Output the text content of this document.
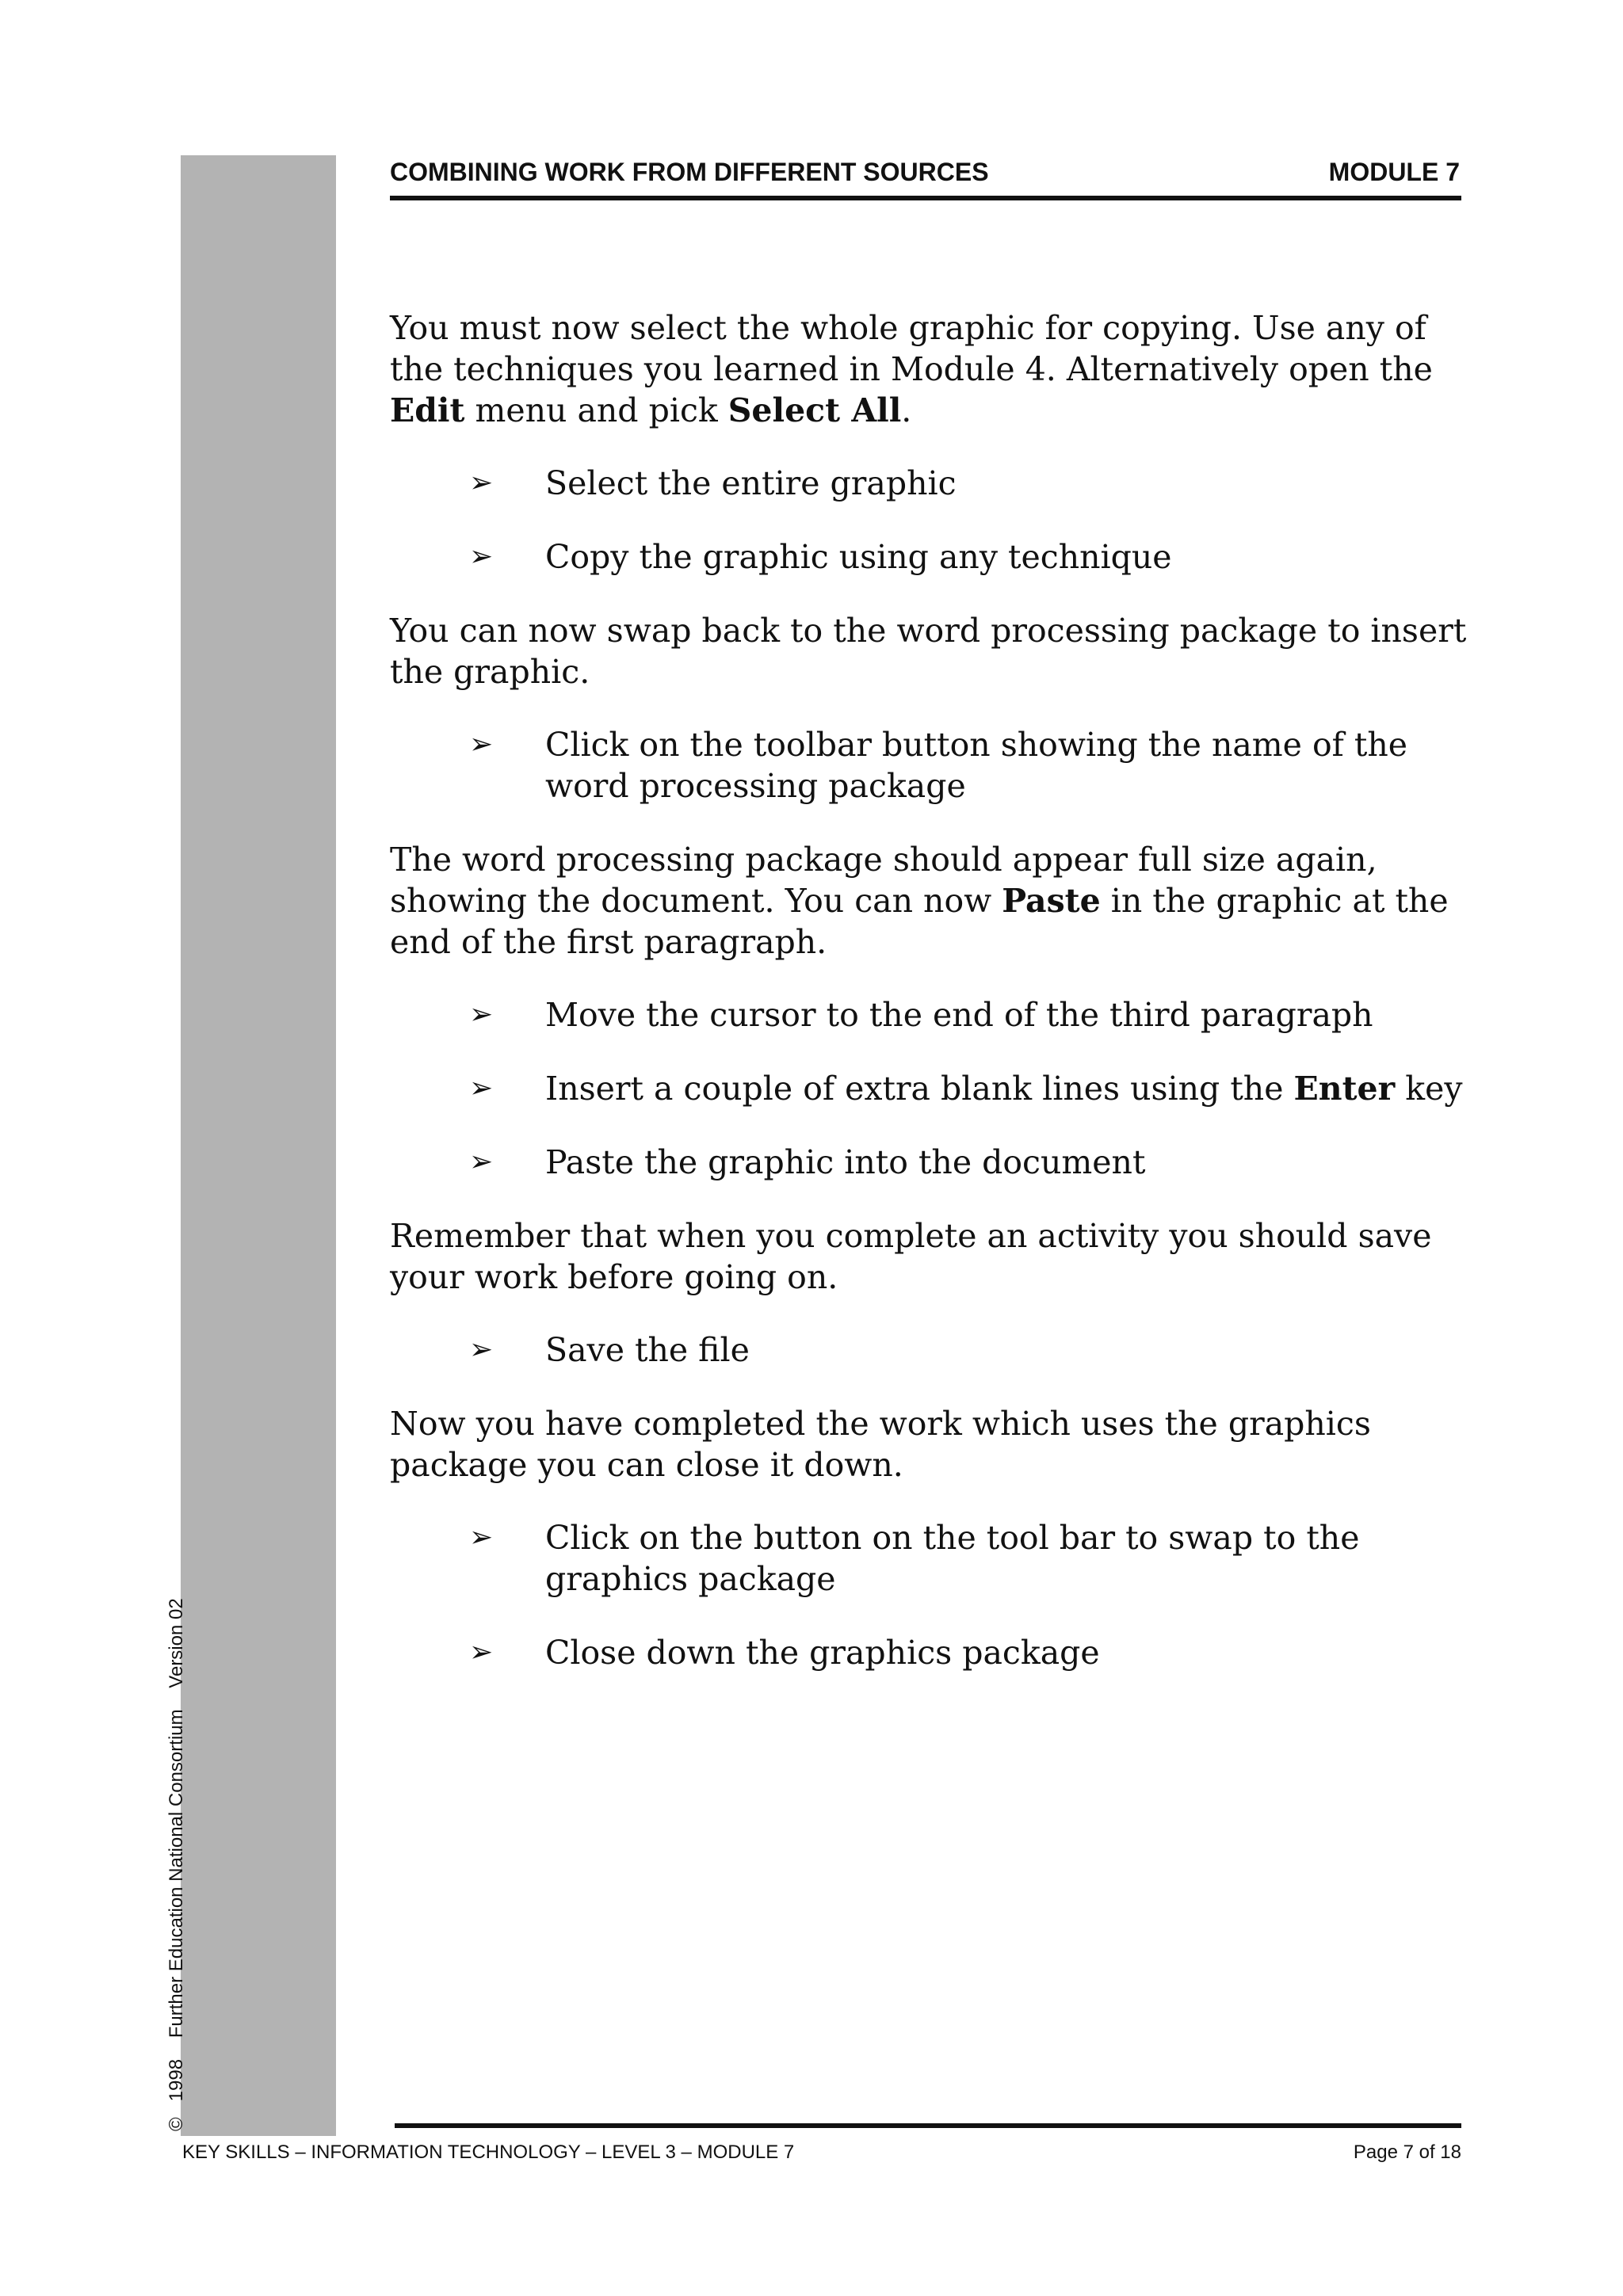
COMBINING WORK FROM DIFFERENT SOURCES	MODULE 7

You must now select the whole graphic for copying. Use any of the techniques you learned in Module 4. Alternatively open the Edit menu and pick Select All.

➢ Select the entire graphic
➢ Copy the graphic using any technique

You can now swap back to the word processing package to insert the graphic.

➢ Click on the toolbar button showing the name of the word processing package

The word processing package should appear full size again, showing the document. You can now Paste in the graphic at the end of the first paragraph.

➢ Move the cursor to the end of the third paragraph
➢ Insert a couple of extra blank lines using the Enter key
➢ Paste the graphic into the document

Remember that when you complete an activity you should save your work before going on.

➢ Save the file

Now you have completed the work which uses the graphics package you can close it down.

➢ Click on the button on the tool bar to swap to the graphics package
➢ Close down the graphics package
©   1998    Further Education National Consortium    Version 02
KEY SKILLS – INFORMATION TECHNOLOGY – LEVEL 3 – MODULE 7	Page 7 of 18
